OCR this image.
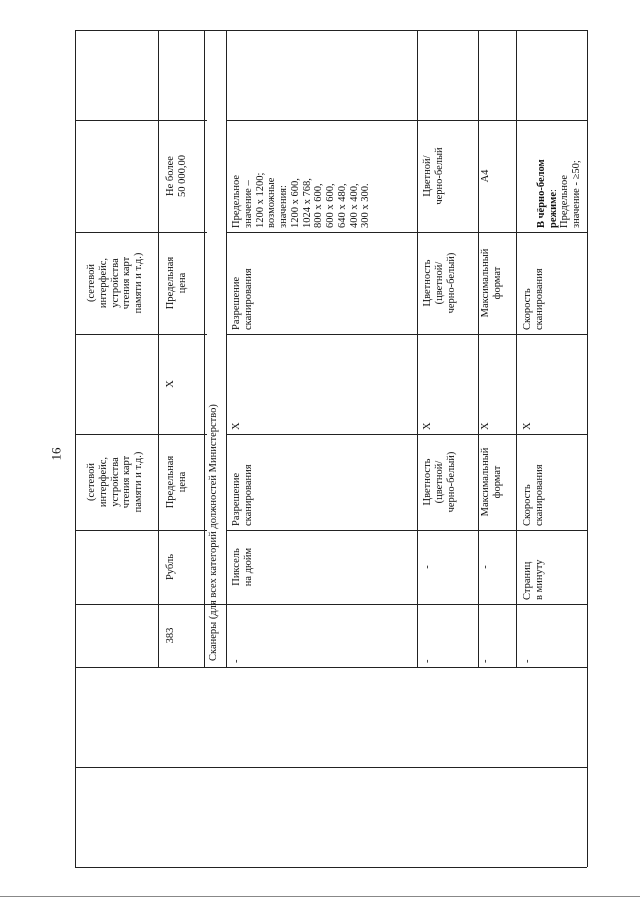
16
Не более
50 000,00
Предельная
цена
X
Предельная
цена
Рубль
383
(сетевой
интерфейс,
устройства
чтения карт
памяти и т.д.)
(сетевой
интерфейс,
устройства
чтения карт
памяти и т.д.)	Сканеры (для всех категорий должностей Министерство)
Предельное
значение –
1200 х 1200;
возможные
значения:
1200 х 600,
1024 х 768,
800 х 600,
600 х 600,
640 х 480,
400 х 400,
300 х 300.
Разрешение
сканирования
X
Разрешение
сканирования
Пиксель
на дюйм
-
Цветной/
черно-белый
Цветность
(цветной/
черно-белый)
X
Цветность
(цветной/
черно-белый)
-
-
A4
Максимальный
формат
X
Максимальный
формат
-
-

В чёрно-белом
режиме:
Предельное
значение - ≥50;

Скорость
сканирования
X
Скорость
сканирования
Страниц
в минуту
-
